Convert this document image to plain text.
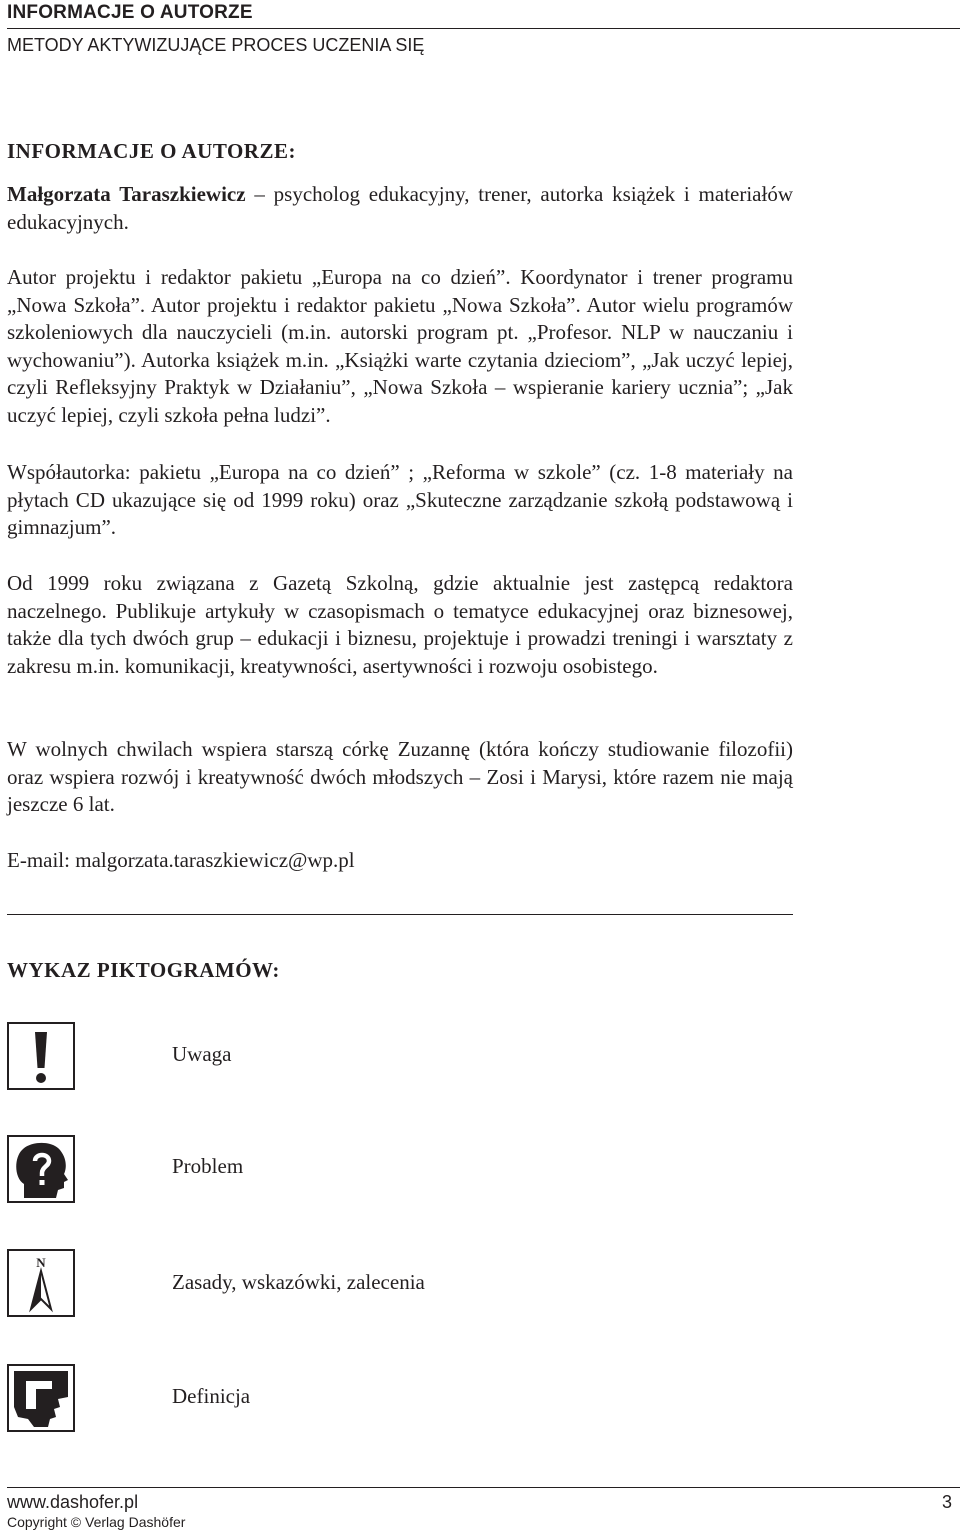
INFORMACJE O AUTORZE
METODY AKTYWIZUJĄCE PROCES UCZENIA SIĘ
INFORMACJE O AUTORZE:

Małgorzata Taraszkiewicz – psycholog edukacyjny, trener, autorka książek i materiałów edukacyjnych.

Autor projektu i redaktor pakietu „Europa na co dzień”. Koordynator i trener programu „Nowa Szkoła”. Autor projektu i redaktor pakietu „Nowa Szkoła”. Autor wielu programów szkoleniowych dla nauczycieli (m.in. autorski program pt. „Profesor. NLP w nauczaniu i wychowaniu”). Autorka książek m.in. „Książki warte czytania dzieciom”, „Jak uczyć lepiej, czyli Refleksyjny Praktyk w Działaniu”, „Nowa Szkoła – wspieranie kariery ucznia”; „Jak uczyć lepiej, czyli szkoła pełna ludzi”.

Współautorka: pakietu „Europa na co dzień” ; „Reforma w szkole” (cz. 1-8 materiały na płytach CD ukazujące się od 1999 roku) oraz „Skuteczne zarządzanie szkołą podstawową i gimnazjum”.

Od 1999 roku związana z Gazetą Szkolną, gdzie aktualnie jest zastępcą redaktora naczelnego. Publikuje artykuły w czasopismach o tematyce edukacyjnej oraz biznesowej, także dla tych dwóch grup – edukacji i biznesu, projektuje i prowadzi treningi i warsztaty z zakresu m.in. komunikacji, kreatywności, asertywności i rozwoju osobistego.

W wolnych chwilach wspiera starszą córkę Zuzannę (która kończy studiowanie filozofii) oraz wspiera rozwój i kreatywność dwóch młodszych – Zosi i Marysi, które razem nie mają jeszcze 6 lat.

E-mail: malgorzata.taraszkiewicz@wp.pl

WYKAZ PIKTOGRAMÓW:
Uwaga
Problem
N
Zasady, wskazówki, zalecenia
Definicja
www.dashofer.pl
Copyright © Verlag Dashöfer
3
